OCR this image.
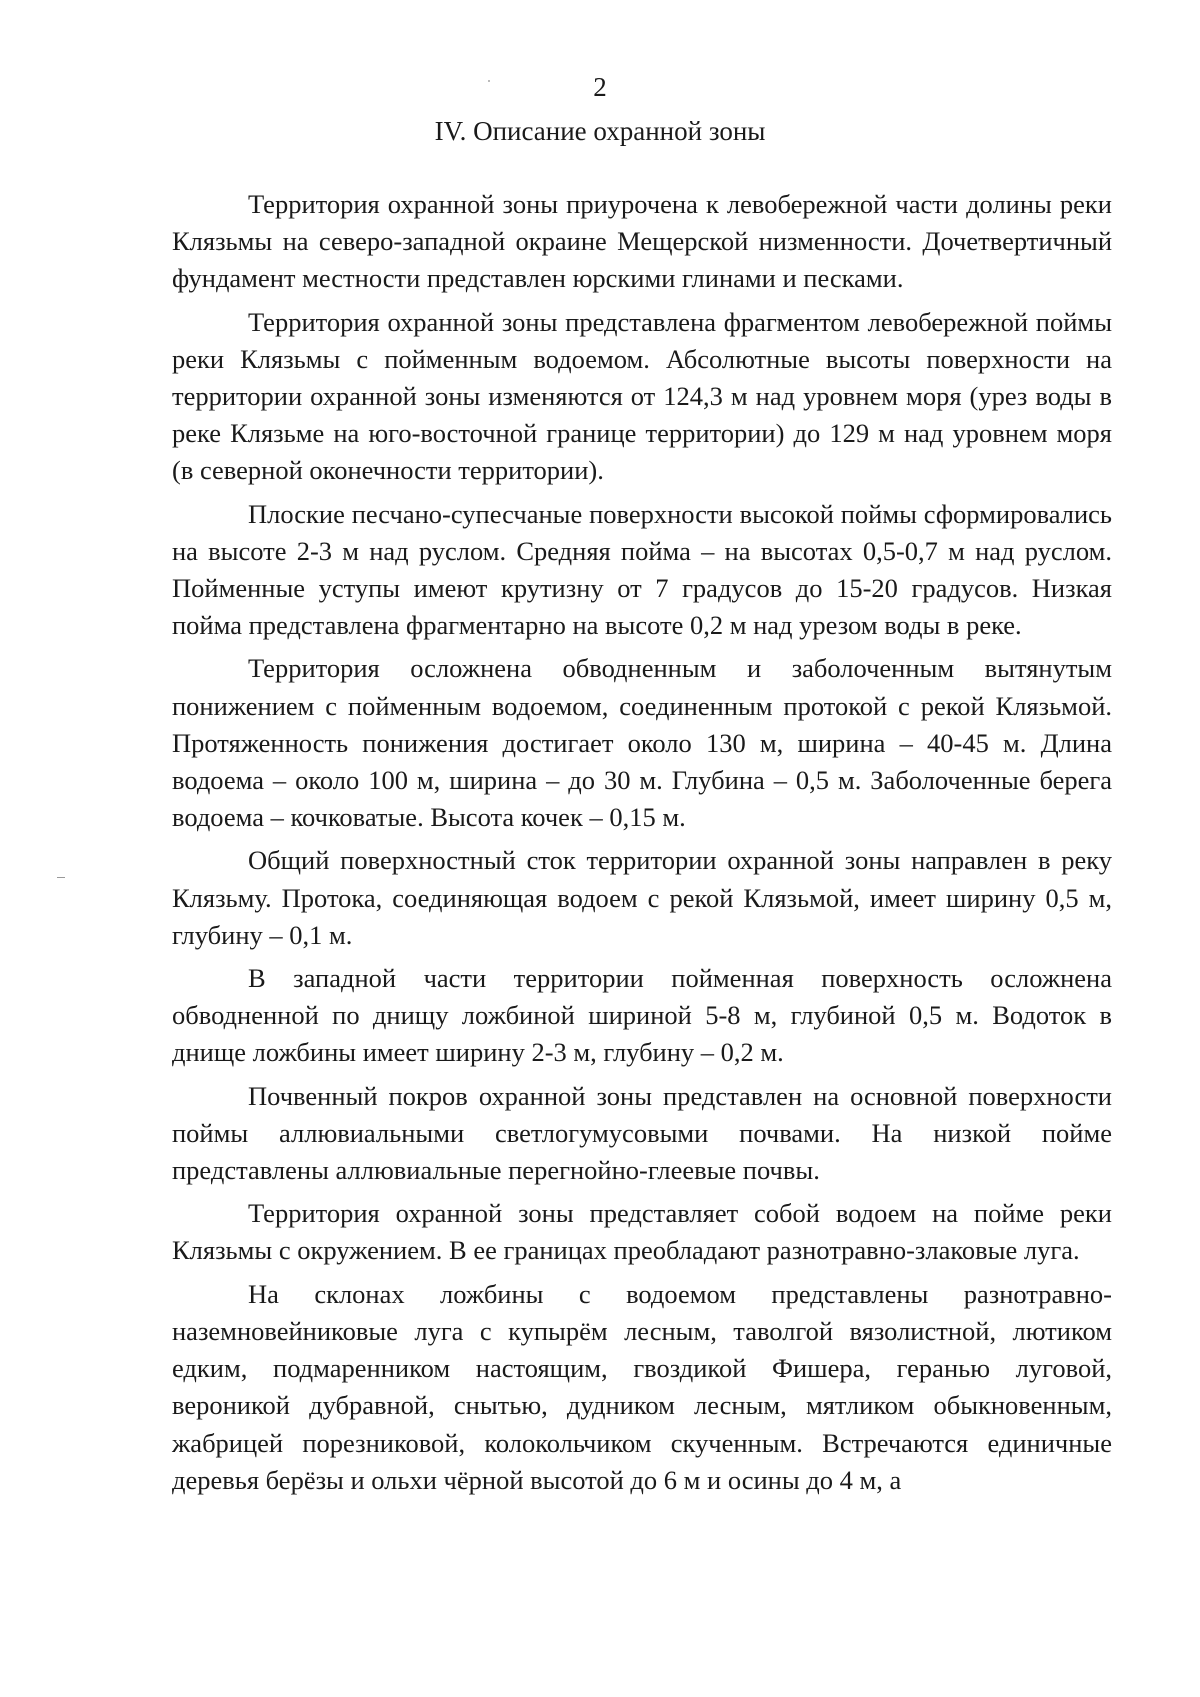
2
IV. Описание охранной зоны

Территория охранной зоны приурочена к левобережной части долины реки Клязьмы на северо-западной окраине Мещерской низменности. Дочетвертичный фундамент местности представлен юрскими глинами и песками.

Территория охранной зоны представлена фрагментом левобережной поймы реки Клязьмы с пойменным водоемом. Абсолютные высоты поверхности на территории охранной зоны изменяются от 124,3 м над уровнем моря (урез воды в реке Клязьме на юго-восточной границе территории) до 129 м над уровнем моря (в северной оконечности территории).

Плоские песчано-супесчаные поверхности высокой поймы сформировались на высоте 2-3 м над руслом. Средняя пойма – на высотах 0,5-0,7 м над руслом. Пойменные уступы имеют крутизну от 7 градусов до 15-20 градусов. Низкая пойма представлена фрагментарно на высоте 0,2 м над урезом воды в реке.

Территория осложнена обводненным и заболоченным вытянутым понижением с пойменным водоемом, соединенным протокой с рекой Клязьмой. Протяженность понижения достигает около 130 м, ширина – 40-45 м. Длина водоема – около 100 м, ширина – до 30 м. Глубина – 0,5 м. Заболоченные берега водоема – кочковатые. Высота кочек – 0,15 м.

Общий поверхностный сток территории охранной зоны направлен в реку Клязьму. Протока, соединяющая водоем с рекой Клязьмой, имеет ширину 0,5 м, глубину – 0,1 м.

В западной части территории пойменная поверхность осложнена обводненной по днищу ложбиной шириной 5-8 м, глубиной 0,5 м. Водоток в днище ложбины имеет ширину 2-3 м, глубину – 0,2 м.

Почвенный покров охранной зоны представлен на основной поверхности поймы аллювиальными светлогумусовыми почвами. На низкой пойме представлены аллювиальные перегнойно-глеевые почвы.

Территория охранной зоны представляет собой водоем на пойме реки Клязьмы с окружением. В ее границах преобладают разнотравно-злаковые луга.

На склонах ложбины с водоемом представлены разнотравно-наземновейниковые луга с купырём лесным, таволгой вязолистной, лютиком едким, подмаренником настоящим, гвоздикой Фишера, геранью луговой, вероникой дубравной, снытью, дудником лесным, мятликом обыкновенным, жабрицей порезниковой, колокольчиком скученным. Встречаются единичные деревья берёзы и ольхи чёрной высотой до 6 м и осины до 4 м, а
